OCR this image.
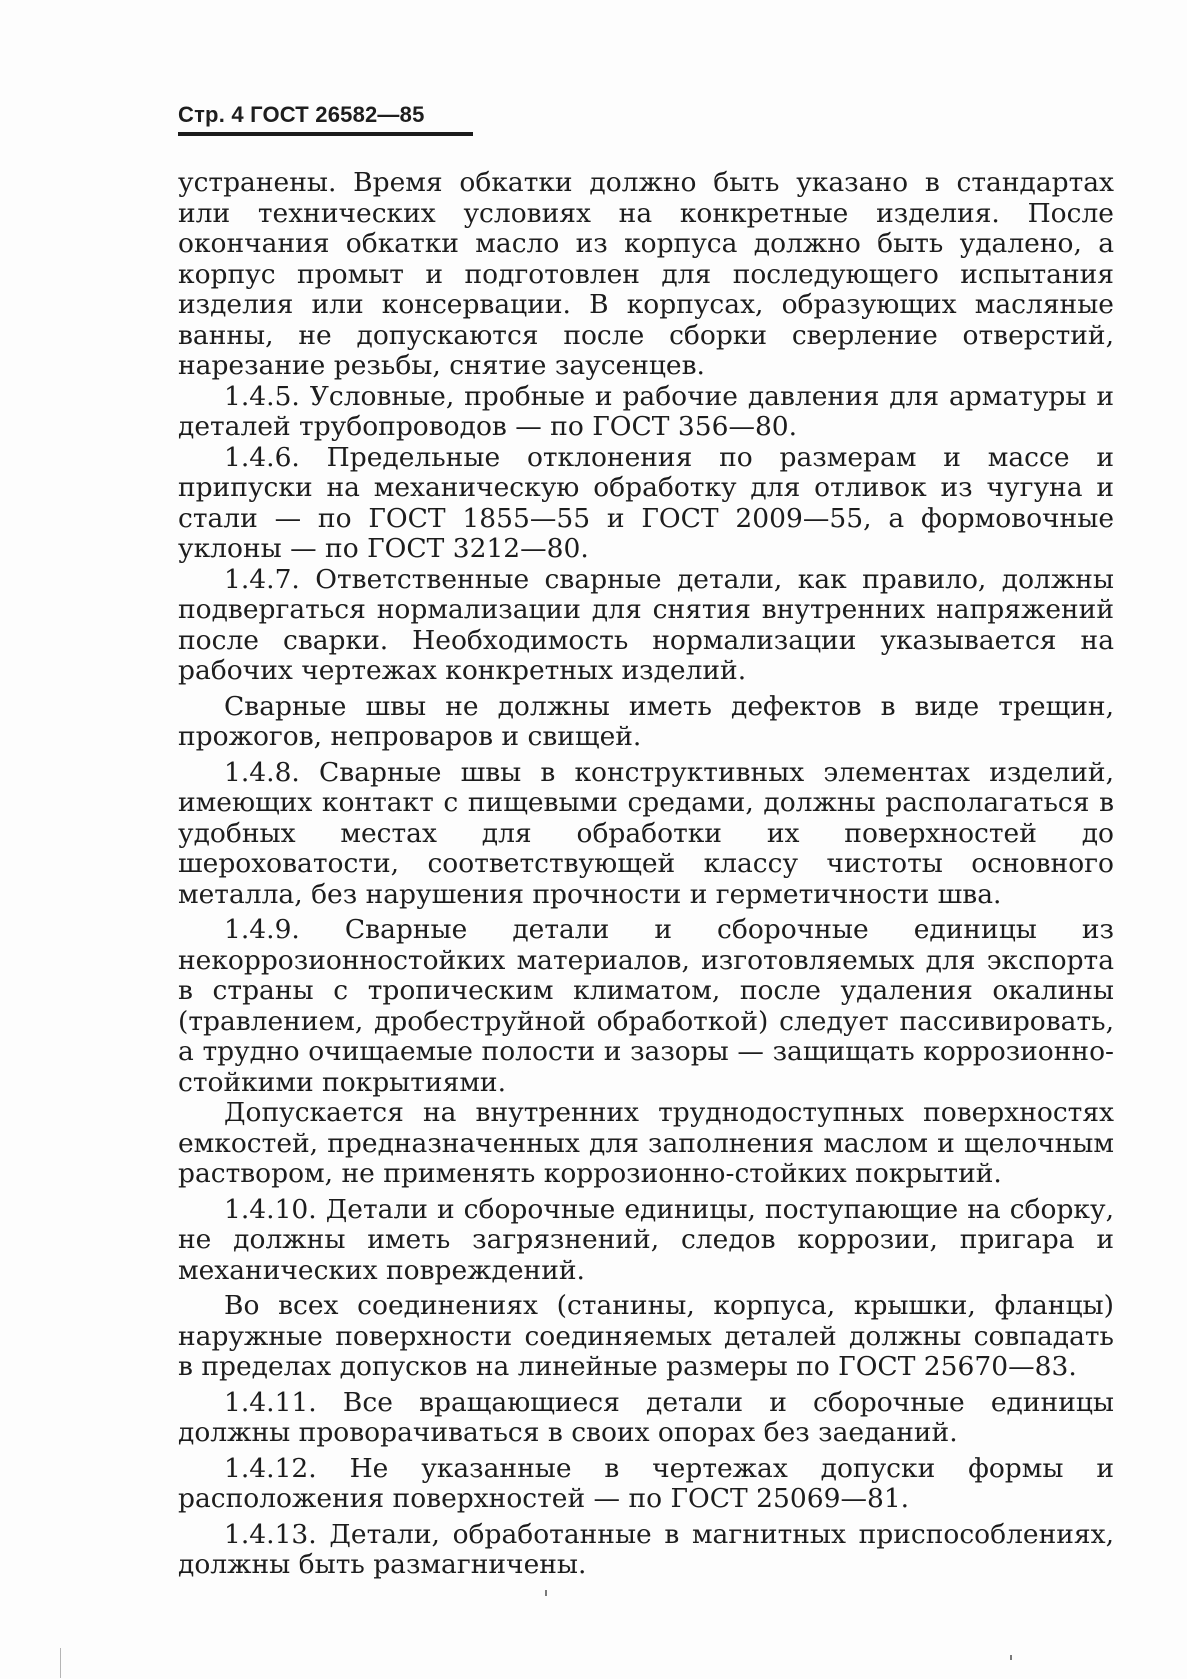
Стр. 4 ГОСТ 26582—85

устранены. Время обкатки должно быть указано в стандартах или технических условиях на конкретные изделия. После окончания обкатки масло из корпуса должно быть удалено, а корпус промыт и подготовлен для последующего испытания изделия или консервации. В корпусах, образующих масляные ванны, не допускаются после сборки сверление отверстий, нарезание резьбы, снятие заусенцев.

1.4.5. Условные, пробные и рабочие давления для арматуры и деталей трубопроводов — по ГОСТ 356—80.

1.4.6. Предельные отклонения по размерам и массе и припуски на механическую обработку для отливок из чугуна и стали — по ГОСТ 1855—55 и ГОСТ 2009—55, а формовочные уклоны — по ГОСТ 3212—80.

1.4.7. Ответственные сварные детали, как правило, должны подвергаться нормализации для снятия внутренних напряжений после сварки. Необходимость нормализации указывается на рабочих чертежах конкретных изделий.

Сварные швы не должны иметь дефектов в виде трещин, прожогов, непроваров и свищей.

1.4.8. Сварные швы в конструктивных элементах изделий, имеющих контакт с пищевыми средами, должны располагаться в удобных местах для обработки их поверхностей до шероховатости, соответствующей классу чистоты основного металла, без нарушения прочности и герметичности шва.

1.4.9. Сварные детали и сборочные единицы из некоррозионностойких материалов, изготовляемых для экспорта в страны с тропическим климатом, после удаления окалины (травлением, дробеструйной обработкой) следует пассивировать, а трудно очищаемые полости и зазоры — защищать коррозионно-стойкими покрытиями.

Допускается на внутренних труднодоступных поверхностях емкостей, предназначенных для заполнения маслом и щелочным раствором, не применять коррозионно-стойких покрытий.

1.4.10. Детали и сборочные единицы, поступающие на сборку, не должны иметь загрязнений, следов коррозии, пригара и механических повреждений.

Во всех соединениях (станины, корпуса, крышки, фланцы) наружные поверхности соединяемых деталей должны совпадать в пределах допусков на линейные размеры по ГОСТ 25670—83.

1.4.11. Все вращающиеся детали и сборочные единицы должны проворачиваться в своих опорах без заеданий.

1.4.12. Не указанные в чертежах допуски формы и расположения поверхностей — по ГОСТ 25069—81.

1.4.13. Детали, обработанные в магнитных приспособлениях, должны быть размагничены.
